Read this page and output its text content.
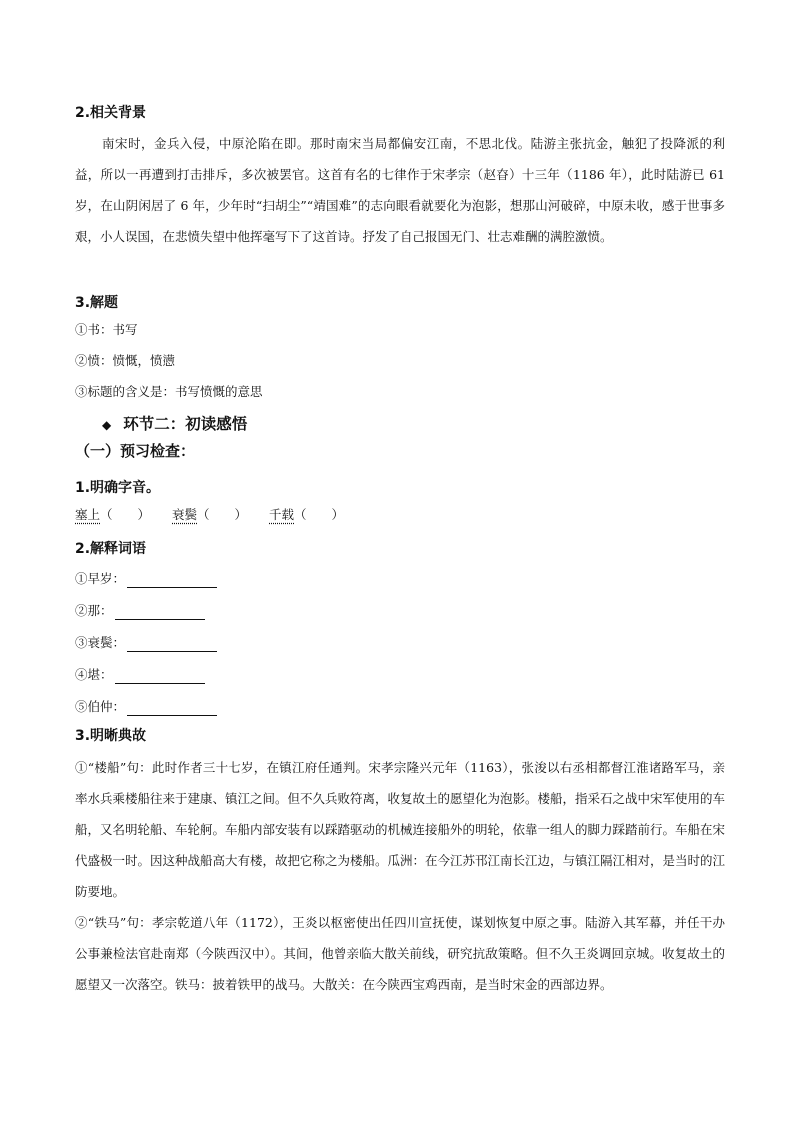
2.相关背景

南宋时，金兵入侵，中原沦陷在即。那时南宋当局都偏安江南，不思北伐。陆游主张抗金，触犯了投降派的利益，所以一再遭到打击排斥，多次被罢官。这首有名的七律作于宋孝宗（赵昚）十三年（1186 年），此时陆游已 61 岁，在山阴闲居了 6 年，少年时“扫胡尘”“靖国难”的志向眼看就要化为泡影，想那山河破碎，中原未收，感于世事多艰，小人误国，在悲愤失望中他挥毫写下了这首诗。抒发了自己报国无门、壮志难酬的满腔激愤。

3.解题
①书：书写
②愤：愤慨，愤懑
③标题的含义是：书写愤慨的意思
◆ 环节二：初读感悟
（一）预习检查：
1.明确字音。
塞上（　　） 衰鬓（　　） 千载（　　）
2.解释词语
①早岁：
②那：
③衰鬓：
④堪：
⑤伯仲：
3.明晰典故

①“楼船”句：此时作者三十七岁，在镇江府任通判。宋孝宗隆兴元年（1163），张浚以右丞相都督江淮诸路军马，亲率水兵乘楼船往来于建康、镇江之间。但不久兵败符离，收复故土的愿望化为泡影。楼船，指采石之战中宋军使用的车船，又名明轮船、车轮舸。车船内部安装有以踩踏驱动的机械连接船外的明轮，依靠一组人的脚力踩踏前行。车船在宋代盛极一时。因这种战船高大有楼，故把它称之为楼船。瓜洲：在今江苏邗江南长江边，与镇江隔江相对，是当时的江防要地。

②“铁马”句：孝宗乾道八年（1172），王炎以枢密使出任四川宣抚使，谋划恢复中原之事。陆游入其军幕，并任干办公事兼检法官赴南郑（今陕西汉中）。其间，他曾亲临大散关前线，研究抗敌策略。但不久王炎调回京城。收复故土的愿望又一次落空。铁马：披着铁甲的战马。大散关：在今陕西宝鸡西南，是当时宋金的西部边界。
